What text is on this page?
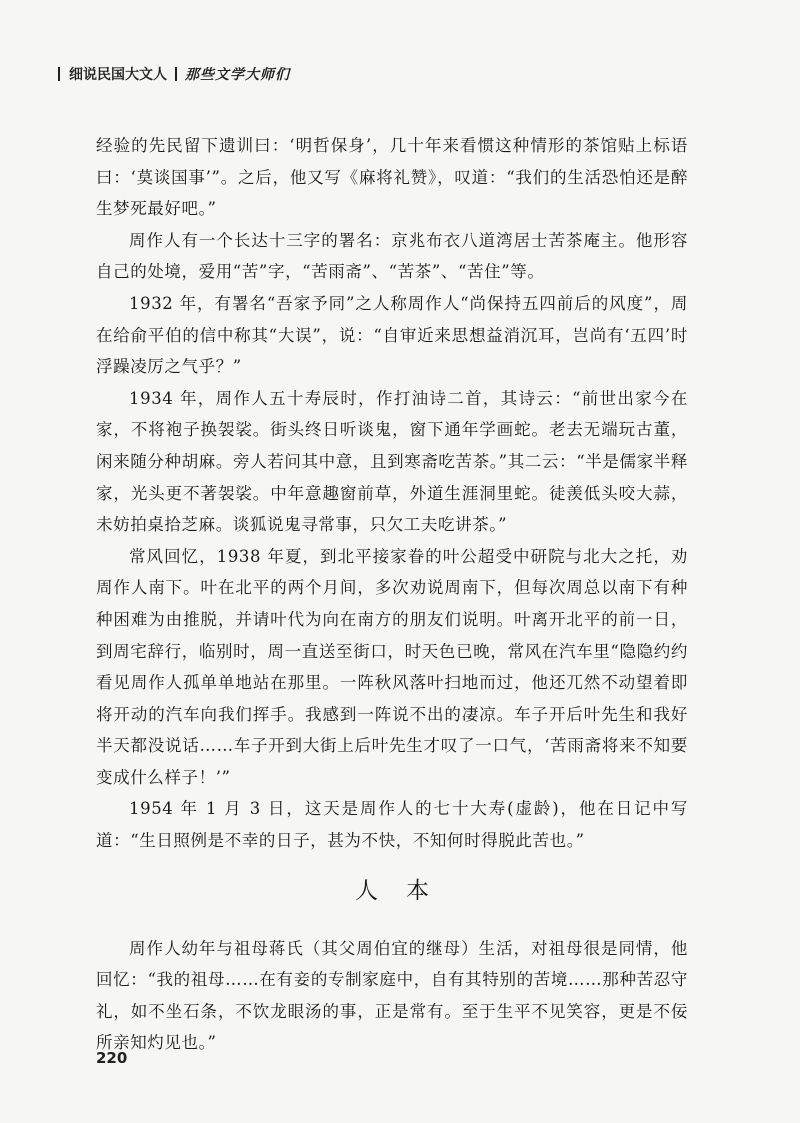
细说民国大文人 那些文学大师们

经验的先民留下遗训曰：‘明哲保身’，几十年来看惯这种情形的茶馆贴上标语曰：‘莫谈国事’”。之后，他又写《麻将礼赞》，叹道：“我们的生活恐怕还是醉生梦死最好吧。”

周作人有一个长达十三字的署名：京兆布衣八道湾居士苦茶庵主。他形容自己的处境，爱用“苦”字，“苦雨斋”、“苦茶”、“苦住”等。

1932 年，有署名“吾家予同”之人称周作人“尚保持五四前后的风度”，周在给俞平伯的信中称其“大误”，说：“自审近来思想益消沉耳，岂尚有‘五四’时浮躁凌厉之气乎？”

1934 年，周作人五十寿辰时，作打油诗二首，其诗云：“前世出家今在家，不将袍子换袈裟。街头终日听谈鬼，窗下通年学画蛇。老去无端玩古董，闲来随分种胡麻。旁人若问其中意，且到寒斋吃苦茶。”其二云：“半是儒家半释家，光头更不著袈裟。中年意趣窗前草，外道生涯洞里蛇。徒羡低头咬大蒜，未妨拍桌拾芝麻。谈狐说鬼寻常事，只欠工夫吃讲茶。”

常风回忆，1938 年夏，到北平接家眷的叶公超受中研院与北大之托，劝周作人南下。叶在北平的两个月间，多次劝说周南下，但每次周总以南下有种种困难为由推脱，并请叶代为向在南方的朋友们说明。叶离开北平的前一日，到周宅辞行，临别时，周一直送至街口，时天色已晚，常风在汽车里“隐隐约约看见周作人孤单单地站在那里。一阵秋风落叶扫地而过，他还兀然不动望着即将开动的汽车向我们挥手。我感到一阵说不出的凄凉。车子开后叶先生和我好半天都没说话……车子开到大街上后叶先生才叹了一口气，‘苦雨斋将来不知要变成什么样子！’”

1954 年 1 月 3 日，这天是周作人的七十大寿(虚龄)，他在日记中写道：“生日照例是不幸的日子，甚为不快，不知何时得脱此苦也。”

人本

周作人幼年与祖母蒋氏（其父周伯宜的继母）生活，对祖母很是同情，他回忆：“我的祖母……在有妾的专制家庭中，自有其特别的苦境……那种苦忍守礼，如不坐石条，不饮龙眼汤的事，正是常有。至于生平不见笑容，更是不佞所亲知灼见也。”

220
